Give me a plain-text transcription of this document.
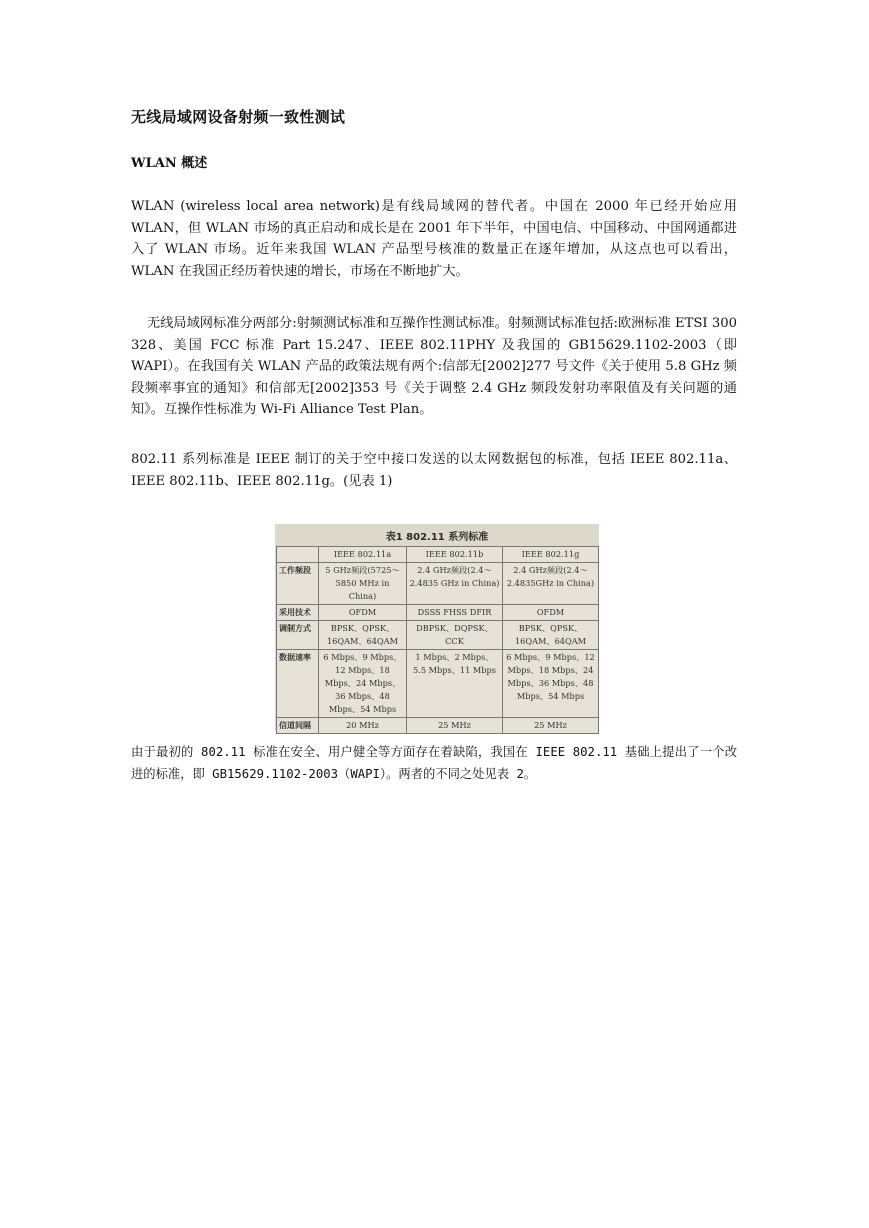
无线局域网设备射频一致性测试
WLAN 概述

WLAN (wireless local area network)是有线局域网的替代者。中国在 2000 年已经开始应用 WLAN，但 WLAN 市场的真正启动和成长是在 2001 年下半年，中国电信、中国移动、中国网通都进入了 WLAN 市场。近年来我国 WLAN 产品型号核准的数量正在逐年增加，从这点也可以看出，WLAN 在我国正经历着快速的增长，市场在不断地扩大。

无线局域网标准分两部分:射频测试标准和互操作性测试标准。射频测试标准包括:欧洲标准 ETSI 300 328、美国 FCC 标准 Part 15.247、IEEE 802.11PHY 及我国的 GB15629.1102-2003（即 WAPI）。在我国有关 WLAN 产品的政策法规有两个:信部无[2002]277 号文件《关于使用 5.8 GHz 频段频率事宜的通知》和信部无[2002]353 号《关于调整 2.4 GHz 频段发射功率限值及有关问题的通知》。互操作性标准为 Wi-Fi Alliance Test Plan。

802.11 系列标准是 IEEE 制订的关于空中接口发送的以太网数据包的标准，包括 IEEE 802.11a、IEEE 802.11b、IEEE 802.11g。(见表 1)

表1 802.11 系列标准
	IEEE 802.11a	IEEE 802.11b	IEEE 802.11g
工作频段	5 GHz频段(5725～5850 MHz in China)	2.4 GHz频段(2.4～2.4835 GHz in China)	2.4 GHz频段(2.4～2.4835GHz in China)
采用技术	OFDM	DSSS FHSS DFIR	OFDM
调制方式	BPSK、QPSK、16QAM、64QAM	DBPSK、DQPSK、CCK	BPSK、QPSK、16QAM、64QAM
数据速率	6 Mbps、9 Mbps、12 Mbps、18 Mbps、24 Mbps、36 Mbps、48 Mbps、54 Mbps	1 Mbps、2 Mbps、5.5 Mbps、11 Mbps	6 Mbps、9 Mbps、12 Mbps、18 Mbps、24 Mbps、36 Mbps、48 Mbps、54 Mbps
信道间隔	20 MHz	25 MHz	25 MHz

由于最初的 802.11 标准在安全、用户健全等方面存在着缺陷，我国在 IEEE 802.11 基础上提出了一个改进的标准，即 GB15629.1102-2003（WAPI）。两者的不同之处见表 2。
